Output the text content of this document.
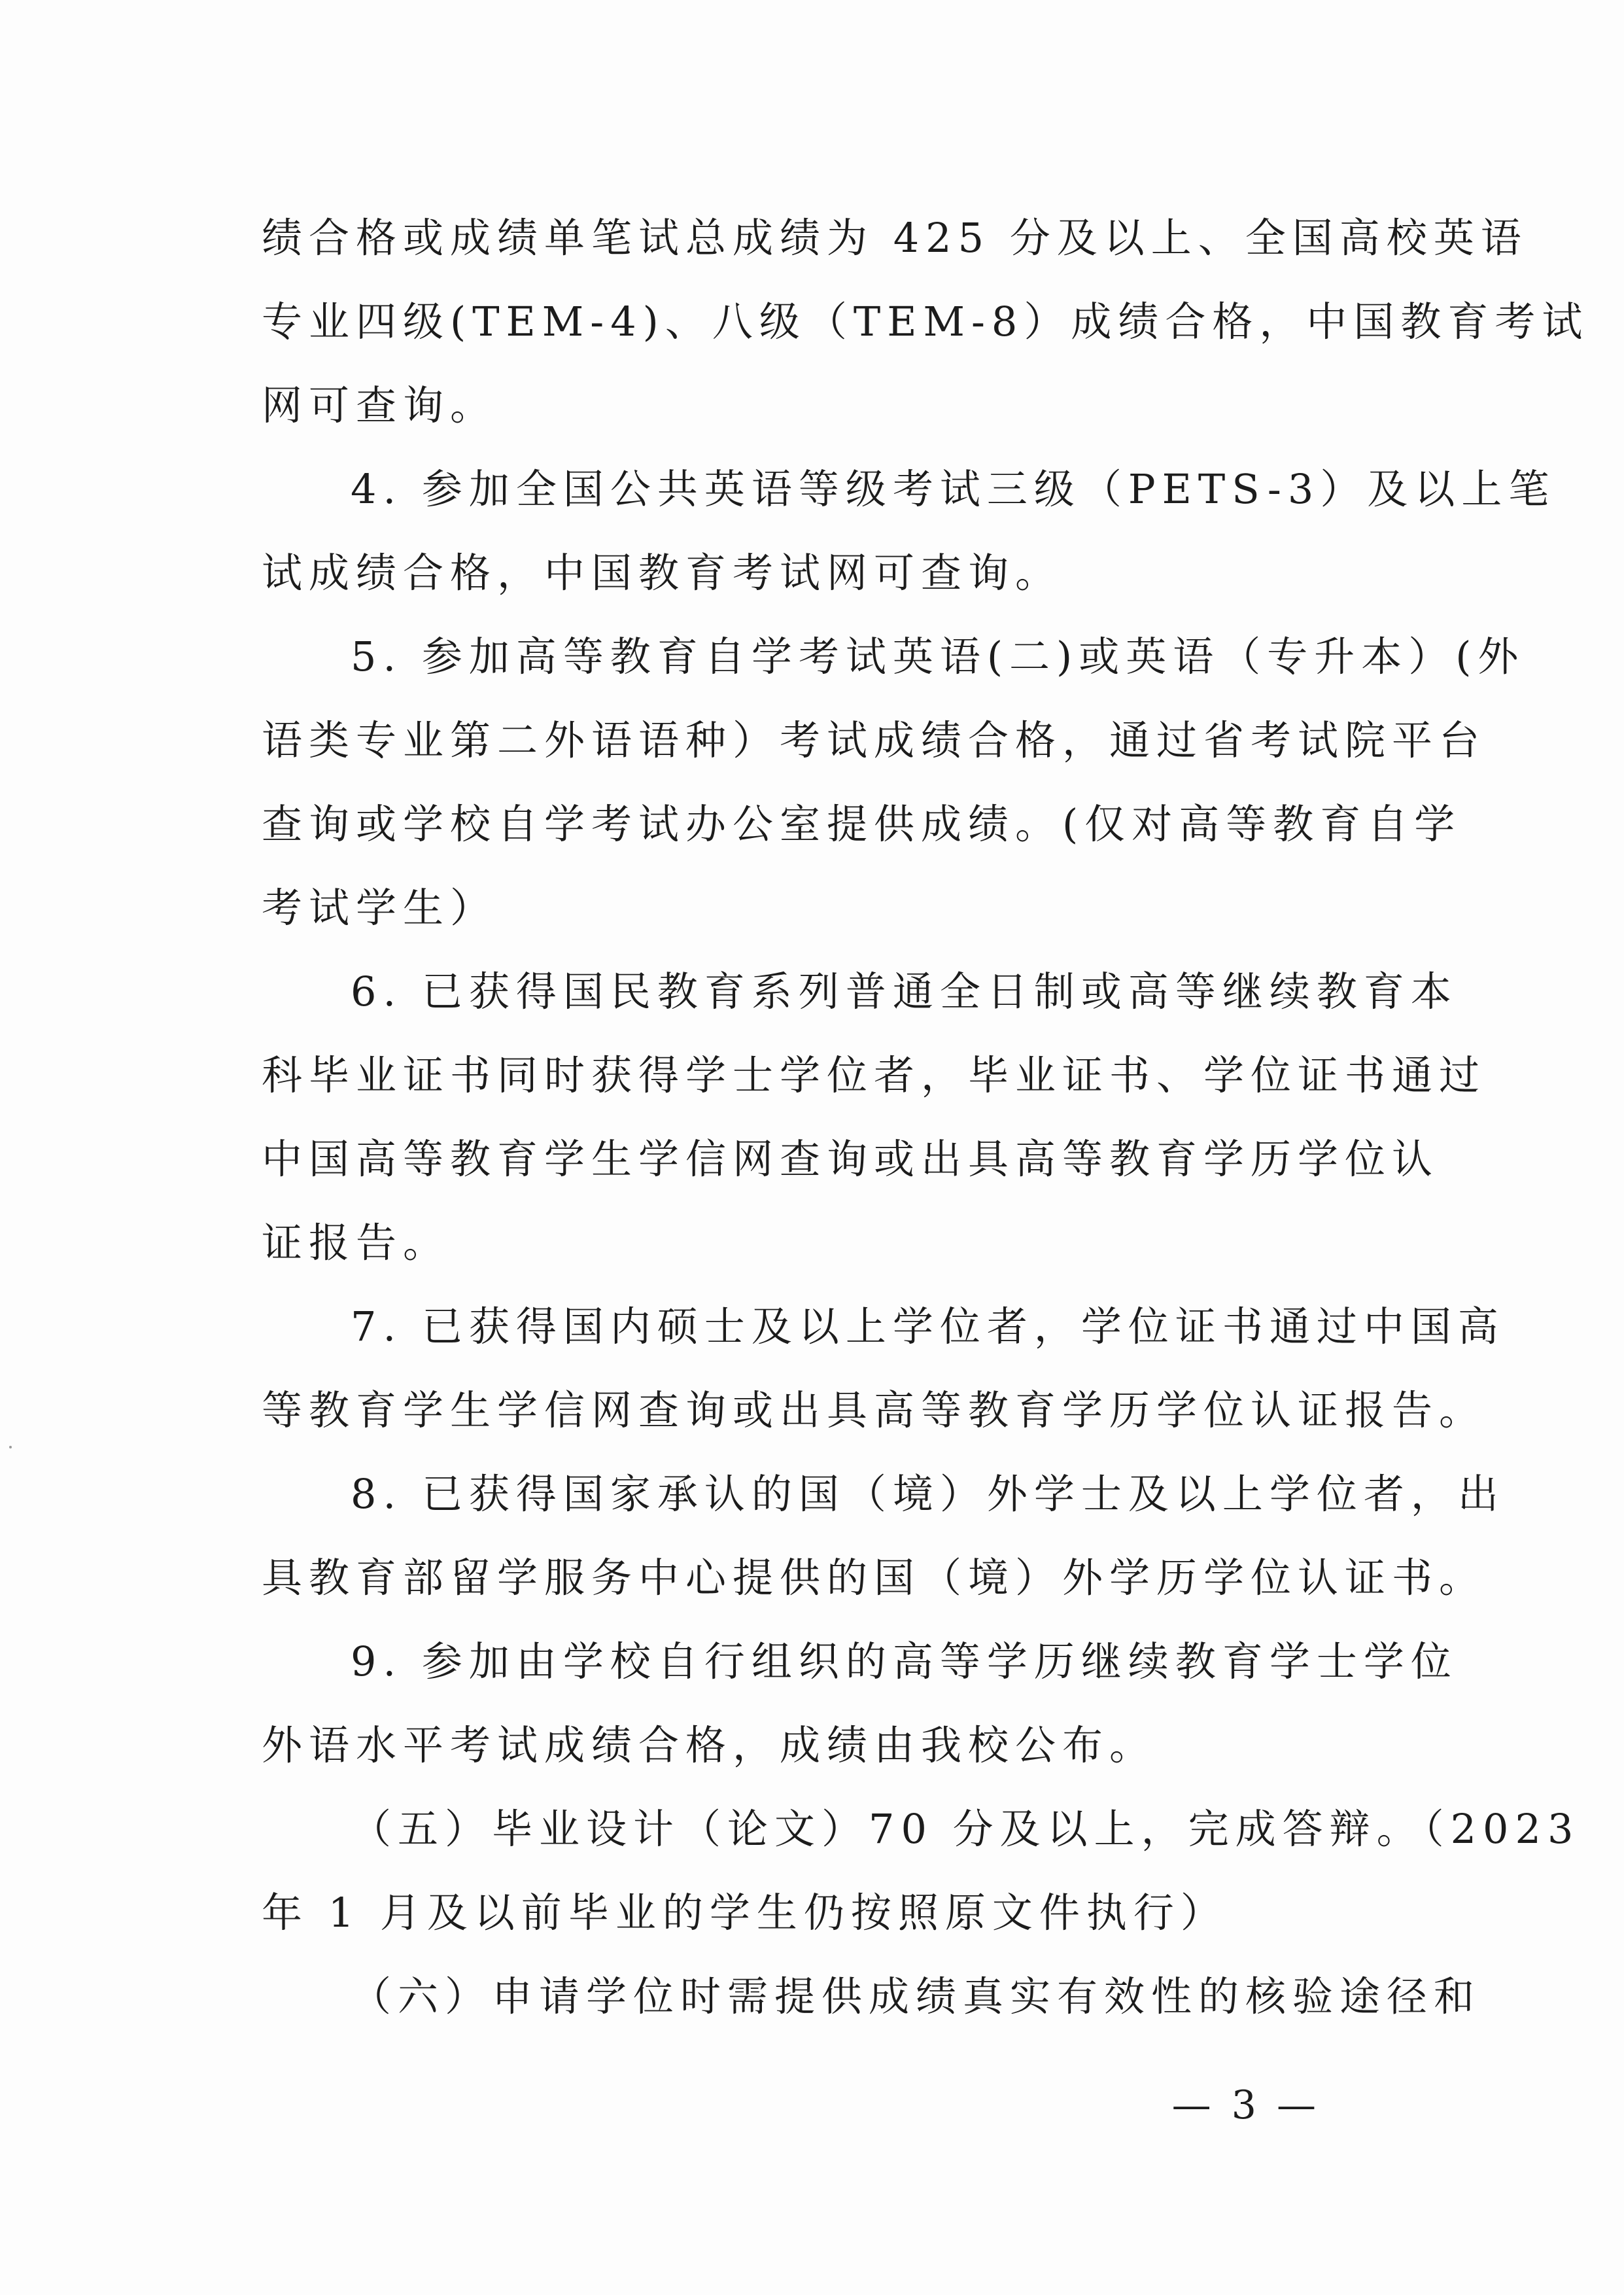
绩合格或成绩单笔试总成绩为 425 分及以上、全国高校英语
专业四级(TEM-4)、八级（TEM-8）成绩合格，中国教育考试
网可查询。
4. 参加全国公共英语等级考试三级（PETS-3）及以上笔
试成绩合格，中国教育考试网可查询。
5. 参加高等教育自学考试英语(二)或英语（专升本）(外
语类专业第二外语语种）考试成绩合格，通过省考试院平台
查询或学校自学考试办公室提供成绩。(仅对高等教育自学
考试学生）
6. 已获得国民教育系列普通全日制或高等继续教育本
科毕业证书同时获得学士学位者，毕业证书、学位证书通过
中国高等教育学生学信网查询或出具高等教育学历学位认
证报告。
7. 已获得国内硕士及以上学位者，学位证书通过中国高
等教育学生学信网查询或出具高等教育学历学位认证报告。
8. 已获得国家承认的国（境）外学士及以上学位者，出
具教育部留学服务中心提供的国（境）外学历学位认证书。
9. 参加由学校自行组织的高等学历继续教育学士学位
外语水平考试成绩合格，成绩由我校公布。
（五）毕业设计（论文）70 分及以上，完成答辩。（2023
年 1 月及以前毕业的学生仍按照原文件执行）
（六）申请学位时需提供成绩真实有效性的核验途径和
— 3 —
